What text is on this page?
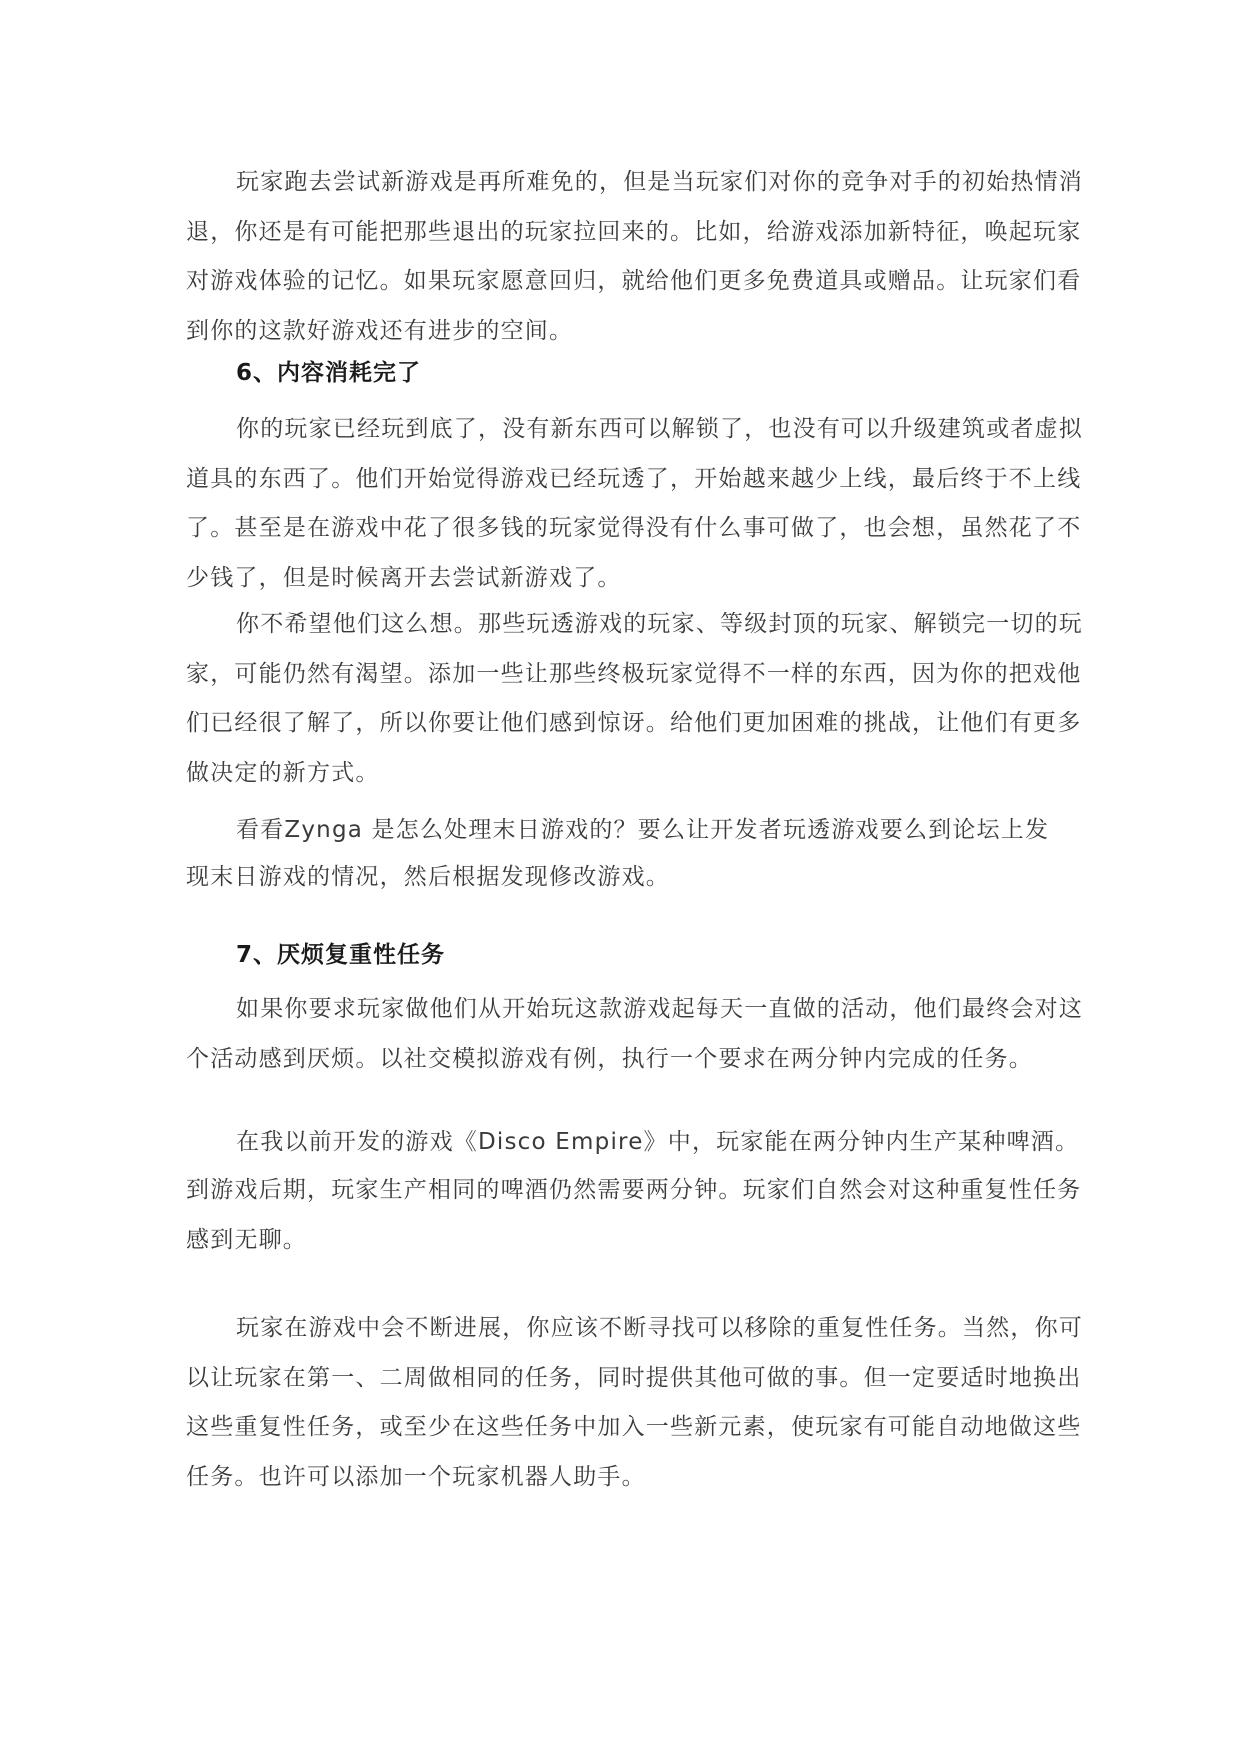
玩家跑去尝试新游戏是再所难免的，但是当玩家们对你的竞争对手的初始热情消退，你还是有可能把那些退出的玩家拉回来的。比如，给游戏添加新特征，唤起玩家对游戏体验的记忆。如果玩家愿意回归，就给他们更多免费道具或赠品。让玩家们看到你的这款好游戏还有进步的空间。

6、内容消耗完了

你的玩家已经玩到底了，没有新东西可以解锁了，也没有可以升级建筑或者虚拟道具的东西了。他们开始觉得游戏已经玩透了，开始越来越少上线，最后终于不上线了。甚至是在游戏中花了很多钱的玩家觉得没有什么事可做了，也会想，虽然花了不少钱了，但是时候离开去尝试新游戏了。

你不希望他们这么想。那些玩透游戏的玩家、等级封顶的玩家、解锁完一切的玩家，可能仍然有渴望。添加一些让那些终极玩家觉得不一样的东西，因为你的把戏他们已经很了解了，所以你要让他们感到惊讶。给他们更加困难的挑战，让他们有更多做决定的新方式。

看看Zynga 是怎么处理末日游戏的？要么让开发者玩透游戏要么到论坛上发

现末日游戏的情况，然后根据发现修改游戏。

7、厌烦复重性任务

如果你要求玩家做他们从开始玩这款游戏起每天一直做的活动，他们最终会对这个活动感到厌烦。以社交模拟游戏有例，执行一个要求在两分钟内完成的任务。

在我以前开发的游戏《Disco Empire》中，玩家能在两分钟内生产某种啤酒。

到游戏后期，玩家生产相同的啤酒仍然需要两分钟。玩家们自然会对这种重复性任务感到无聊。

玩家在游戏中会不断进展，你应该不断寻找可以移除的重复性任务。当然，你可以让玩家在第一、二周做相同的任务，同时提供其他可做的事。但一定要适时地换出这些重复性任务，或至少在这些任务中加入一些新元素，使玩家有可能自动地做这些任务。也许可以添加一个玩家机器人助手。
